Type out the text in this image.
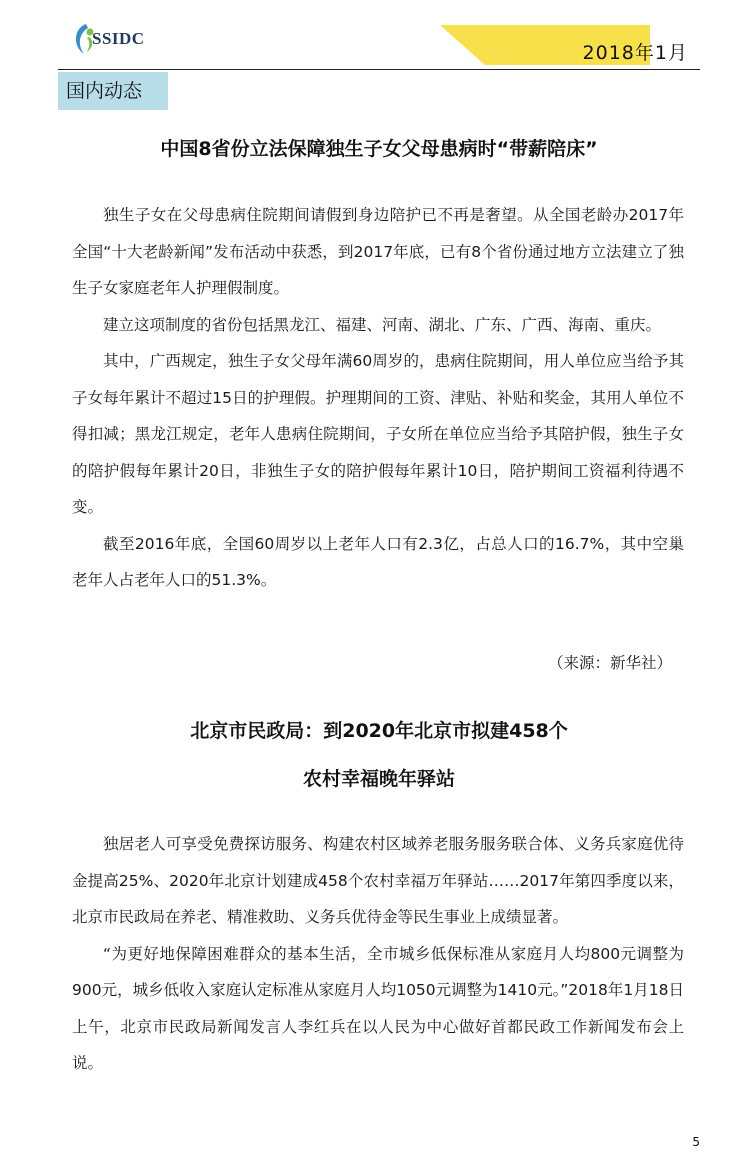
SSIDC
2018年1月
国内动态
中国8省份立法保障独生子女父母患病时“带薪陪床”

独生子女在父母患病住院期间请假到身边陪护已不再是奢望。从全国老龄办2017年全国“十大老龄新闻”发布活动中获悉，到2017年底，已有8个省份通过地方立法建立了独生子女家庭老年人护理假制度。

建立这项制度的省份包括黑龙江、福建、河南、湖北、广东、广西、海南、重庆。

其中，广西规定，独生子女父母年满60周岁的，患病住院期间，用人单位应当给予其子女每年累计不超过15日的护理假。护理期间的工资、津贴、补贴和奖金，其用人单位不得扣减；黑龙江规定，老年人患病住院期间，子女所在单位应当给予其陪护假，独生子女的陪护假每年累计20日，非独生子女的陪护假每年累计10日，陪护期间工资福利待遇不变。

截至2016年底，全国60周岁以上老年人口有2.3亿，占总人口的16.7%，其中空巢老年人占老年人口的51.3%。

（来源：新华社）
北京市民政局：到2020年北京市拟建458个
农村幸福晚年驿站

独居老人可享受免费探访服务、构建农村区域养老服务服务联合体、义务兵家庭优待金提高25%、2020年北京计划建成458个农村幸福万年驿站……2017年第四季度以来，北京市民政局在养老、精准救助、义务兵优待金等民生事业上成绩显著。

“为更好地保障困难群众的基本生活，全市城乡低保标准从家庭月人均800元调整为900元，城乡低收入家庭认定标准从家庭月人均1050元调整为1410元。”2018年1月18日上午，北京市民政局新闻发言人李红兵在以人民为中心做好首都民政工作新闻发布会上说。

5
